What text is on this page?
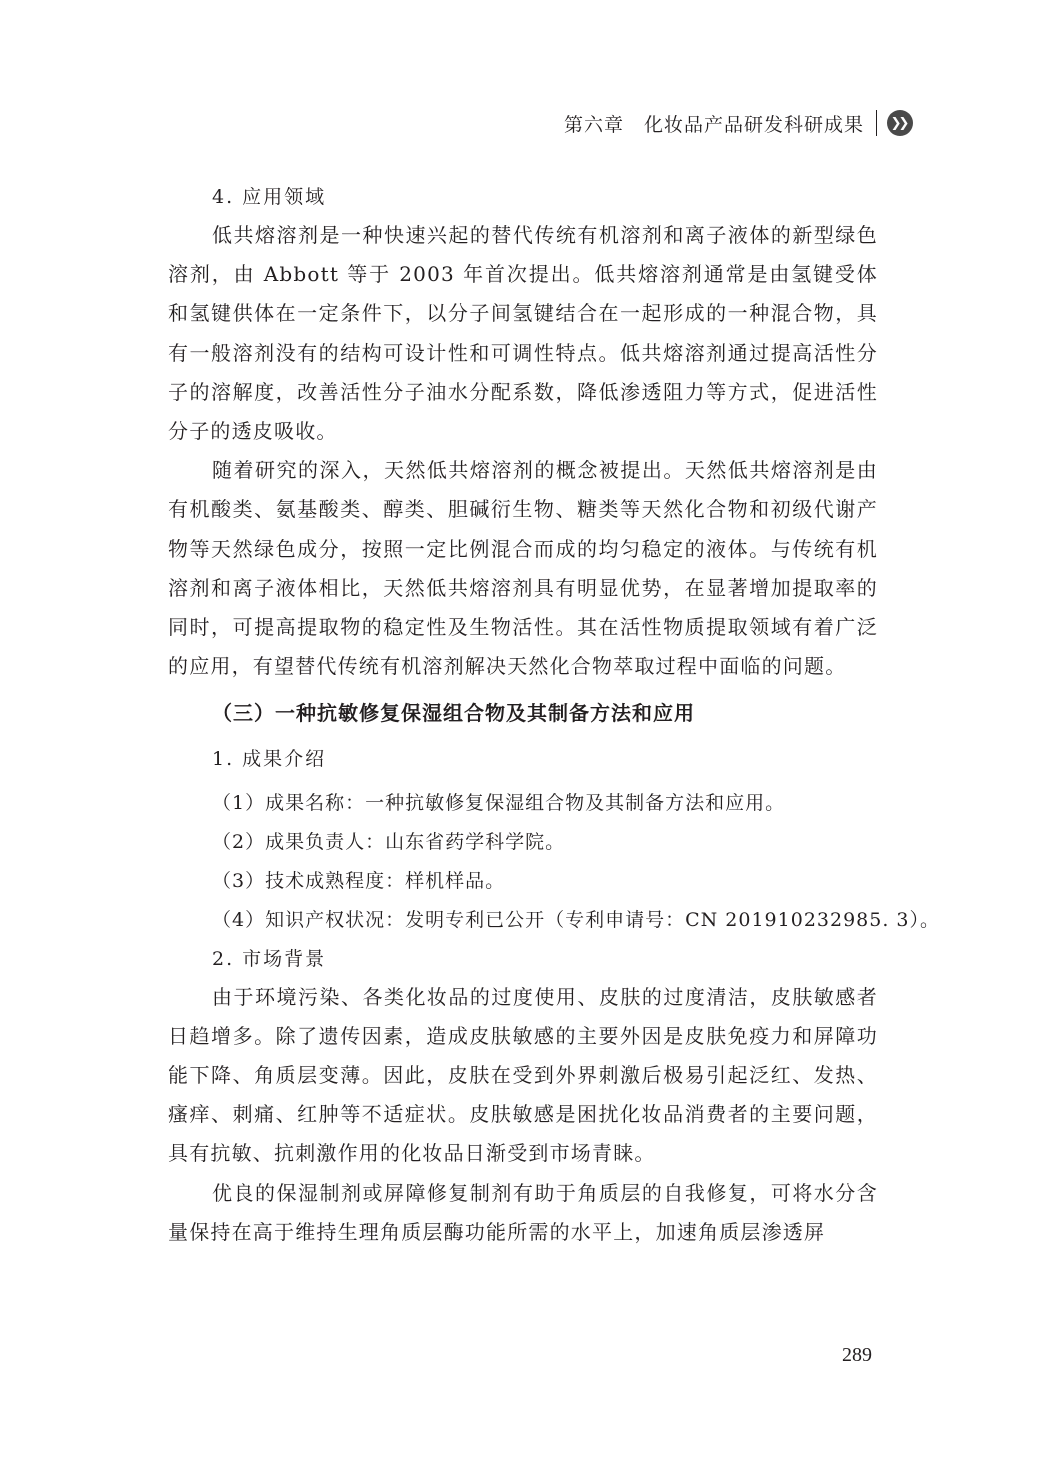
第六章 化妆品产品研发科研成果 ❯❯

4. 应用领域

低共熔溶剂是一种快速兴起的替代传统有机溶剂和离子液体的新型绿色溶剂，由 Abbott 等于 2003 年首次提出。低共熔溶剂通常是由氢键受体和氢键供体在一定条件下，以分子间氢键结合在一起形成的一种混合物，具有一般溶剂没有的结构可设计性和可调性特点。低共熔溶剂通过提高活性分子的溶解度，改善活性分子油水分配系数，降低渗透阻力等方式，促进活性分子的透皮吸收。

随着研究的深入，天然低共熔溶剂的概念被提出。天然低共熔溶剂是由有机酸类、氨基酸类、醇类、胆碱衍生物、糖类等天然化合物和初级代谢产物等天然绿色成分，按照一定比例混合而成的均匀稳定的液体。与传统有机溶剂和离子液体相比，天然低共熔溶剂具有明显优势，在显著增加提取率的同时，可提高提取物的稳定性及生物活性。其在活性物质提取领域有着广泛的应用，有望替代传统有机溶剂解决天然化合物萃取过程中面临的问题。

（三）一种抗敏修复保湿组合物及其制备方法和应用

1. 成果介绍

（1）成果名称：一种抗敏修复保湿组合物及其制备方法和应用。

（2）成果负责人：山东省药学科学院。

（3）技术成熟程度：样机样品。

（4）知识产权状况：发明专利已公开（专利申请号：CN 201910232985. 3）。

2. 市场背景

由于环境污染、各类化妆品的过度使用、皮肤的过度清洁，皮肤敏感者日趋增多。除了遗传因素，造成皮肤敏感的主要外因是皮肤免疫力和屏障功能下降、角质层变薄。因此，皮肤在受到外界刺激后极易引起泛红、发热、瘙痒、刺痛、红肿等不适症状。皮肤敏感是困扰化妆品消费者的主要问题，具有抗敏、抗刺激作用的化妆品日渐受到市场青睐。

优良的保湿制剂或屏障修复制剂有助于角质层的自我修复，可将水分含量保持在高于维持生理角质层酶功能所需的水平上，加速角质层渗透屏

289
